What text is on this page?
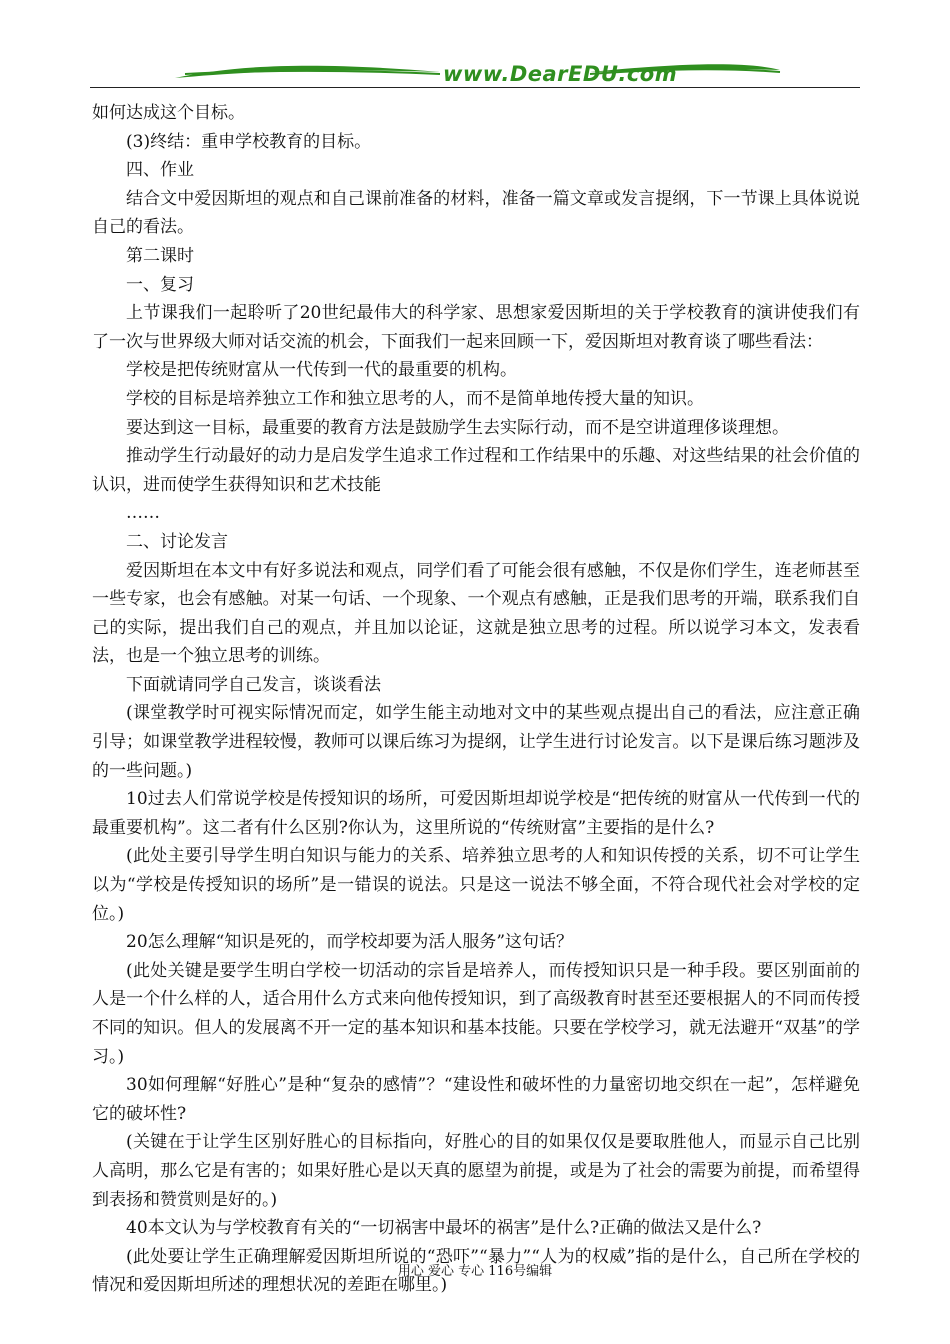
www.DearEDU.com

如何达成这个目标。

(3)终结：重申学校教育的目标。

四、作业

结合文中爱因斯坦的观点和自己课前准备的材料，准备一篇文章或发言提纲，下一节课上具体说说自己的看法。

第二课时

一、复习

上节课我们一起聆听了20世纪最伟大的科学家、思想家爱因斯坦的关于学校教育的演讲使我们有了一次与世界级大师对话交流的机会，下面我们一起来回顾一下，爱因斯坦对教育谈了哪些看法：

学校是把传统财富从一代传到一代的最重要的机构。

学校的目标是培养独立工作和独立思考的人，而不是简单地传授大量的知识。

要达到这一目标，最重要的教育方法是鼓励学生去实际行动，而不是空讲道理侈谈理想。

推动学生行动最好的动力是启发学生追求工作过程和工作结果中的乐趣、对这些结果的社会价值的认识，进而使学生获得知识和艺术技能

……

二、讨论发言

爱因斯坦在本文中有好多说法和观点，同学们看了可能会很有感触，不仅是你们学生，连老师甚至一些专家，也会有感触。对某一句话、一个现象、一个观点有感触，正是我们思考的开端，联系我们自己的实际，提出我们自己的观点，并且加以论证，这就是独立思考的过程。所以说学习本文，发表看法，也是一个独立思考的训练。

下面就请同学自己发言，谈谈看法

(课堂教学时可视实际情况而定，如学生能主动地对文中的某些观点提出自己的看法，应注意正确引导；如课堂教学进程较慢，教师可以课后练习为提纲，让学生进行讨论发言。以下是课后练习题涉及的一些问题。)

10过去人们常说学校是传授知识的场所，可爱因斯坦却说学校是“把传统的财富从一代传到一代的最重要机构”。这二者有什么区别?你认为，这里所说的“传统财富”主要指的是什么?

(此处主要引导学生明白知识与能力的关系、培养独立思考的人和知识传授的关系，切不可让学生以为“学校是传授知识的场所”是一错误的说法。只是这一说法不够全面，不符合现代社会对学校的定位。)

20怎么理解“知识是死的，而学校却要为活人服务”这句话？

(此处关键是要学生明白学校一切活动的宗旨是培养人，而传授知识只是一种手段。要区别面前的人是一个什么样的人，适合用什么方式来向他传授知识，到了高级教育时甚至还要根据人的不同而传授不同的知识。但人的发展离不开一定的基本知识和基本技能。只要在学校学习，就无法避开“双基”的学习。)

30如何理解“好胜心”是种“复杂的感情”？“建设性和破坏性的力量密切地交织在一起”，怎样避免它的破坏性?

(关键在于让学生区别好胜心的目标指向，好胜心的目的如果仅仅是要取胜他人，而显示自己比别人高明，那么它是有害的；如果好胜心是以天真的愿望为前提，或是为了社会的需要为前提，而希望得到表扬和赞赏则是好的。)

40本文认为与学校教育有关的“一切祸害中最坏的祸害”是什么?正确的做法又是什么?

(此处要让学生正确理解爱因斯坦所说的“恐吓”“暴力”“人为的权威”指的是什么，自己所在学校的情况和爱因斯坦所述的理想状况的差距在哪里。)

用心 爱心 专心 116号编辑
